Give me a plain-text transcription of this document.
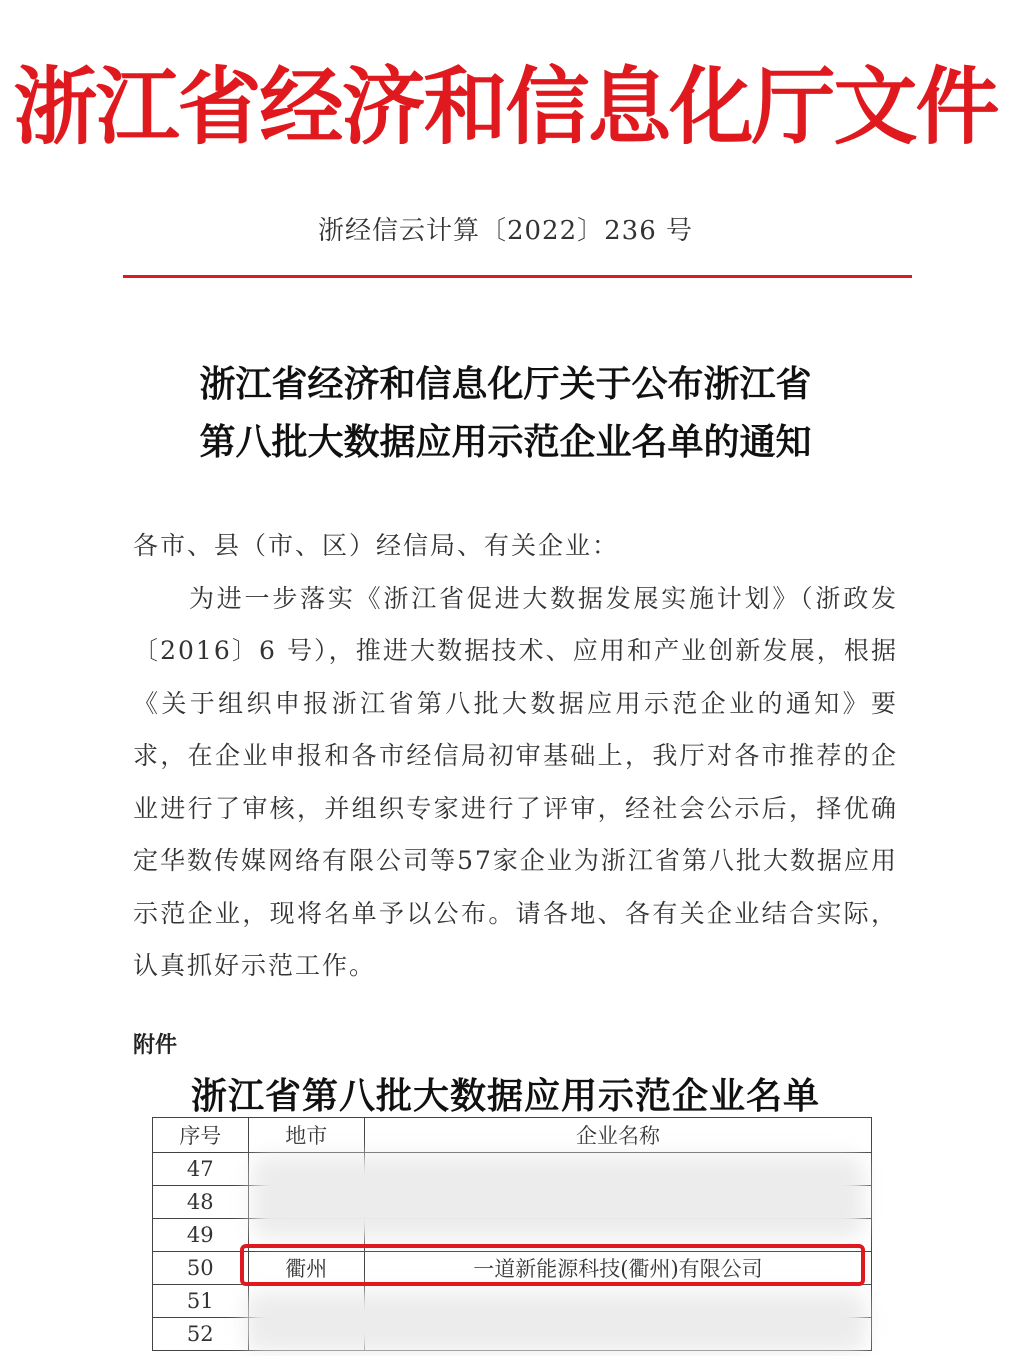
浙江省经济和信息化厅文件
浙经信云计算〔2022〕236 号
浙江省经济和信息化厅关于公布浙江省
第八批大数据应用示范企业名单的通知

各市、县（市、区）经信局、有关企业：

为进一步落实《浙江省促进大数据发展实施计划》（浙政发〔2016〕6 号），推进大数据技术、应用和产业创新发展，根据《关于组织申报浙江省第八批大数据应用示范企业的通知》要求，在企业申报和各市经信局初审基础上，我厅对各市推荐的企业进行了审核，并组织专家进行了评审，经社会公示后，择优确定华数传媒网络有限公司等57家企业为浙江省第八批大数据应用示范企业，现将名单予以公布。请各地、各有关企业结合实际，认真抓好示范工作。

附件
浙江省第八批大数据应用示范企业名单
序号	地市	企业名称
47		
48		
49		
50	衢州	一道新能源科技(衢州)有限公司
51		
52		
